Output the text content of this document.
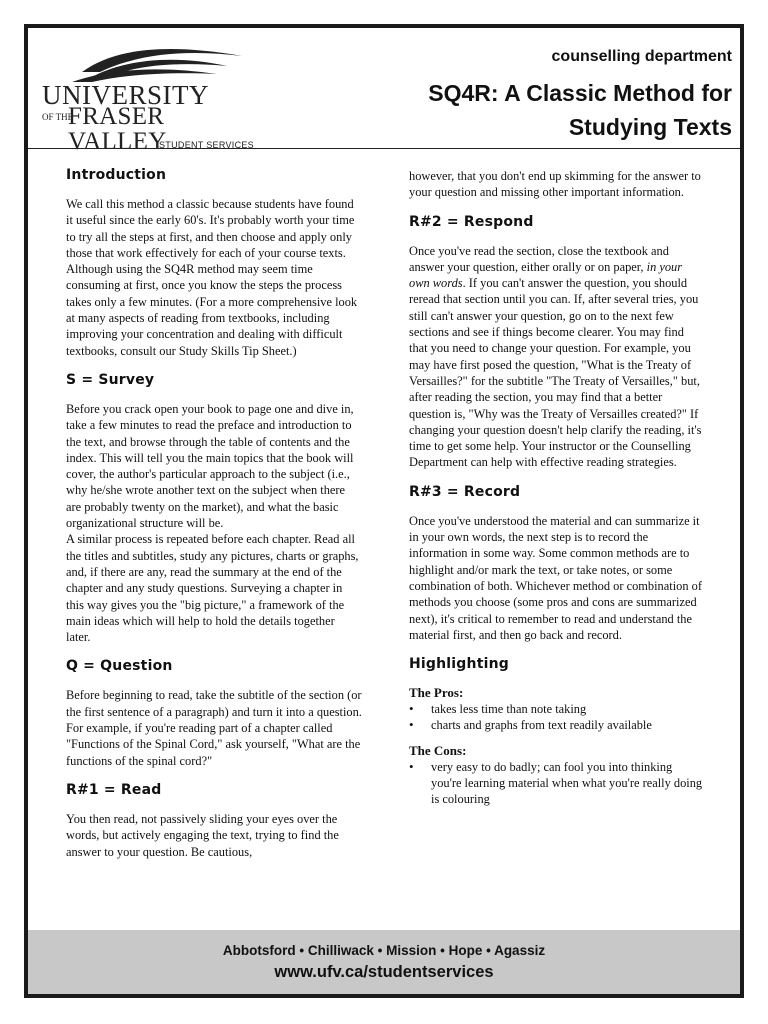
UNIVERSITY
OF THE
FRASER VALLEY
STUDENT SERVICES
counselling department
SQ4R: A Classic Method for
Studying Texts
Introduction

We call this method a classic because students have found it useful since the early 60's. It's probably worth your time to try all the steps at first, and then choose and apply only those that work effectively for each of your course texts. Although using the SQ4R method may seem time consuming at first, once you know the steps the process takes only a few minutes. (For a more comprehensive look at many aspects of reading from textbooks, including improving your concentration and dealing with difficult textbooks, consult our Study Skills Tip Sheet.)

S = Survey

Before you crack open your book to page one and dive in, take a few minutes to read the preface and introduction to the text, and browse through the table of contents and the index. This will tell you the main topics that the book will cover, the author's particular approach to the subject (i.e., why he/she wrote another text on the subject when there are probably twenty on the market), and what the basic organizational structure will be.

A similar process is repeated before each chapter. Read all the titles and subtitles, study any pictures, charts or graphs, and, if there are any, read the summary at the end of the chapter and any study questions. Surveying a chapter in this way gives you the "big picture," a framework of the main ideas which will help to hold the details together later.

Q = Question

Before beginning to read, take the subtitle of the section (or the first sentence of a paragraph) and turn it into a question. For example, if you're reading part of a chapter called "Functions of the Spinal Cord," ask yourself, "What are the functions of the spinal cord?"

R#1 = Read

You then read, not passively sliding your eyes over the words, but actively engaging the text, trying to find the answer to your question. Be cautious,

however, that you don't end up skimming for the answer to your question and missing other important information.

R#2 = Respond

Once you've read the section, close the textbook and answer your question, either orally or on paper, in your own words. If you can't answer the question, you should reread that section until you can. If, after several tries, you still can't answer your question, go on to the next few sections and see if things become clearer. You may find that you need to change your question. For example, you may have first posed the question, "What is the Treaty of Versailles?" for the subtitle "The Treaty of Versailles," but, after reading the section, you may find that a better question is, "Why was the Treaty of Versailles created?" If changing your question doesn't help clarify the reading, it's time to get some help. Your instructor or the Counselling Department can help with effective reading strategies.

R#3 = Record

Once you've understood the material and can summarize it in your own words, the next step is to record the information in some way. Some common methods are to highlight and/or mark the text, or take notes, or some combination of both. Whichever method or combination of methods you choose (some pros and cons are summarized next), it's critical to remember to read and understand the material first, and then go back and record.

Highlighting
The Pros:
• takes less time than note taking
• charts and graphs from text readily available
The Cons:
• very easy to do badly; can fool you into thinking you're learning material when what you're really doing is colouring
Abbotsford • Chilliwack • Mission • Hope • Agassiz
www.ufv.ca/studentservices
